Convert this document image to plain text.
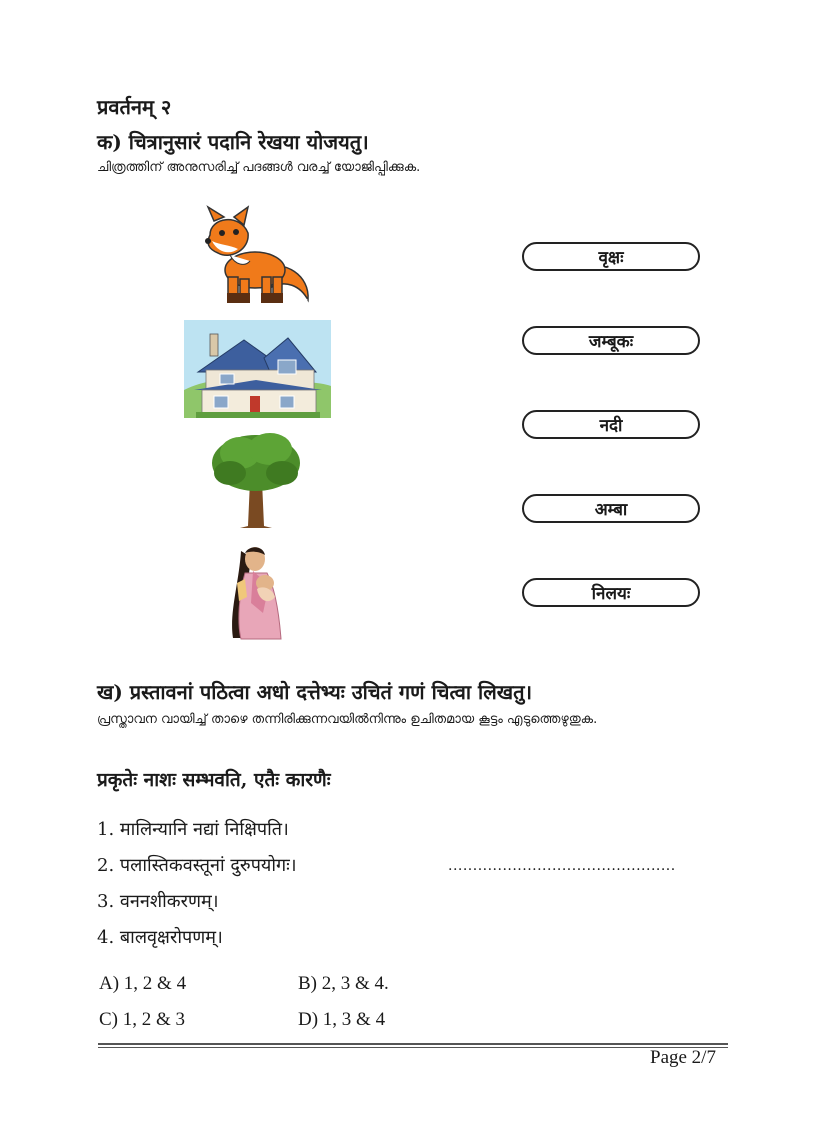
प्रवर्तनम् २
क) चित्रानुसारं पदानि रेखया योजयतु।
ചിത്രത്തിന് അനുസരിച്ച് പദങ്ങൾ വരച്ച് യോജിപ്പിക്കുക.
वृक्षः
जम्बूकः
नदी
अम्बा
निलयः
ख) प्रस्तावनां पठित्वा अधो दत्तेभ्यः उचितं गणं चित्वा लिखतु।
പ്രസ്താവന വായിച്ച് താഴെ തന്നിരിക്കുന്നവയിൽനിന്നും ഉചിതമായ കൂട്ടം എടുത്തെഴുതുക.
प्रकृतेः नाशः सम्भवति, एतैः कारणैः
1. मालिन्यानि नद्यां निक्षिपति।
2. पलास्तिकवस्तूनां दुरुपयोगः।
3. वननशीकरणम्।
4. बालवृक्षरोपणम्।
..............................................
A) 1, 2 & 4	B) 2, 3 & 4.
C) 1, 2 & 3	D) 1, 3 & 4
Page 2/7
